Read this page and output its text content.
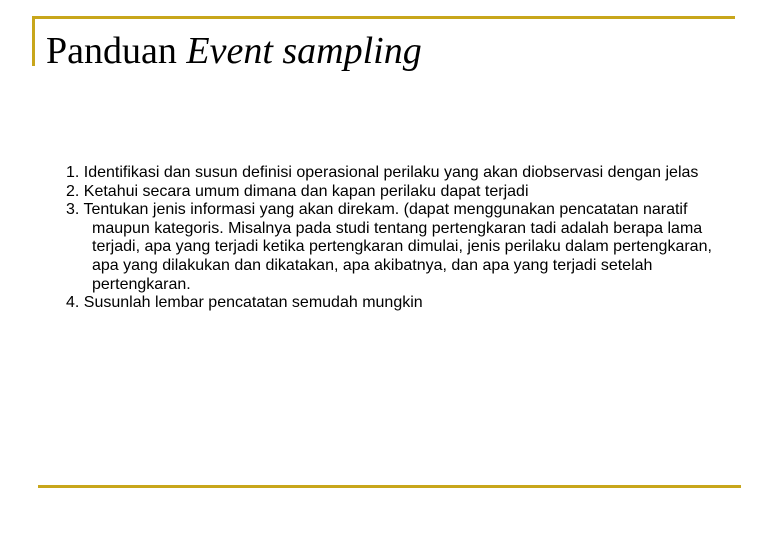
Panduan Event sampling

1. Identifikasi dan susun definisi operasional perilaku yang akan diobservasi dengan jelas

2. Ketahui secara umum dimana dan kapan perilaku dapat terjadi

3. Tentukan jenis informasi yang akan direkam. (dapat menggunakan pencatatan naratif maupun kategoris. Misalnya pada studi tentang pertengkaran tadi adalah berapa lama terjadi, apa yang terjadi ketika pertengkaran dimulai, jenis perilaku dalam pertengkaran, apa yang dilakukan dan dikatakan, apa akibatnya, dan apa yang terjadi setelah pertengkaran.

4. Susunlah lembar pencatatan semudah mungkin
